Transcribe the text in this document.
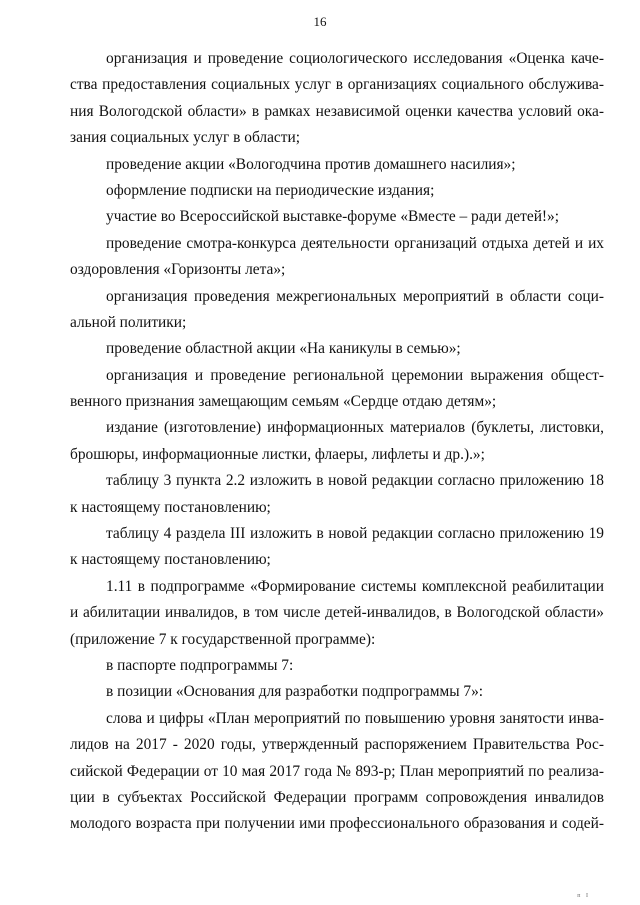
16
организация и проведение социологического исследования «Оценка каче-
ства предоставления социальных услуг в организациях социального обслужива-
ния Вологодской области» в рамках независимой оценки качества условий ока-
зания социальных услуг в области;
проведение акции «Вологодчина против домашнего насилия»;
оформление подписки на периодические издания;
участие во Всероссийской выставке-форуме «Вместе – ради детей!»;
проведение смотра-конкурса деятельности организаций отдыха детей и их
оздоровления «Горизонты лета»;
организация проведения межрегиональных мероприятий в области соци-
альной политики;
проведение областной акции «На каникулы в семью»;
организация и проведение региональной церемонии выражения общест-
венного признания замещающим семьям «Сердце отдаю детям»;
издание (изготовление) информационных материалов (буклеты, листовки,
брошюры, информационные листки, флаеры, лифлеты и др.).»;
таблицу 3 пункта 2.2 изложить в новой редакции согласно приложению 18
к настоящему постановлению;
таблицу 4 раздела III изложить в новой редакции согласно приложению 19
к настоящему постановлению;
1.11 в подпрограмме «Формирование системы комплексной реабилитации
и абилитации инвалидов, в том числе детей-инвалидов, в Вологодской области»
(приложение 7 к государственной программе):
в паспорте подпрограммы 7:
в позиции «Основания для разработки подпрограммы 7»:
слова и цифры «План мероприятий по повышению уровня занятости инва-
лидов на 2017 - 2020 годы, утвержденный распоряжением Правительства Рос-
сийской Федерации от 10 мая 2017 года № 893-р; План мероприятий по реализа-
ции в субъектах Российской Федерации программ сопровождения инвалидов
молодого возраста при получении ими профессионального образования и содей-
п I
